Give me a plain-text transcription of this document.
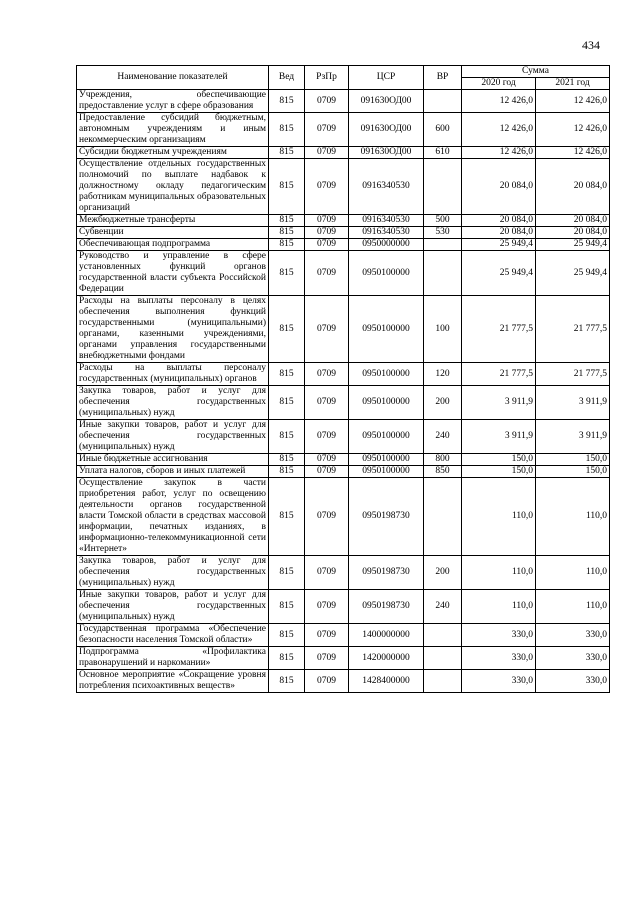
434
Наименование показателей	Вед	РзПр	ЦСР	ВР	Сумма	
					2020 год	2021 год
Учреждения, обеспечивающие предоставление услуг в сфере образования	815	0709	091630ОД00		12 426,0	12 426,0
Предоставление субсидий бюджетным, автономным учреждениям и иным некоммерческим организациям	815	0709	091630ОД00	600	12 426,0	12 426,0
Субсидии бюджетным учреждениям	815	0709	091630ОД00	610	12 426,0	12 426,0
Осуществление отдельных государственных полномочий по выплате надбавок к должностному окладу педагогическим работникам муниципальных образовательных организаций	815	0709	0916340530		20 084,0	20 084,0
Межбюджетные трансферты	815	0709	0916340530	500	20 084,0	20 084,0
Субвенции	815	0709	0916340530	530	20 084,0	20 084,0
Обеспечивающая подпрограмма	815	0709	0950000000		25 949,4	25 949,4
Руководство и управление в сфере установленных функций органов государственной власти субъекта Российской Федерации	815	0709	0950100000		25 949,4	25 949,4
Расходы на выплаты персоналу в целях обеспечения выполнения функций государственными (муниципальными) органами, казенными учреждениями, органами управления государственными внебюджетными фондами	815	0709	0950100000	100	21 777,5	21 777,5
Расходы на выплаты персоналу государственных (муниципальных) органов	815	0709	0950100000	120	21 777,5	21 777,5
Закупка товаров, работ и услуг для обеспечения государственных (муниципальных) нужд	815	0709	0950100000	200	3 911,9	3 911,9
Иные закупки товаров, работ и услуг для обеспечения государственных (муниципальных) нужд	815	0709	0950100000	240	3 911,9	3 911,9
Иные бюджетные ассигнования	815	0709	0950100000	800	150,0	150,0
Уплата налогов, сборов и иных платежей	815	0709	0950100000	850	150,0	150,0
Осуществление закупок в части приобретения работ, услуг по освещению деятельности органов государственной власти Томской области в средствах массовой информации, печатных изданиях, в информационно-телекоммуникационной сети «Интернет»	815	0709	0950198730		110,0	110,0
Закупка товаров, работ и услуг для обеспечения государственных (муниципальных) нужд	815	0709	0950198730	200	110,0	110,0
Иные закупки товаров, работ и услуг для обеспечения государственных (муниципальных) нужд	815	0709	0950198730	240	110,0	110,0
Государственная программа «Обеспечение безопасности населения Томской области»	815	0709	1400000000		330,0	330,0
Подпрограмма «Профилактика правонарушений и наркомании»	815	0709	1420000000		330,0	330,0
Основное мероприятие «Сокращение уровня потребления психоактивных веществ»	815	0709	1428400000		330,0	330,0
